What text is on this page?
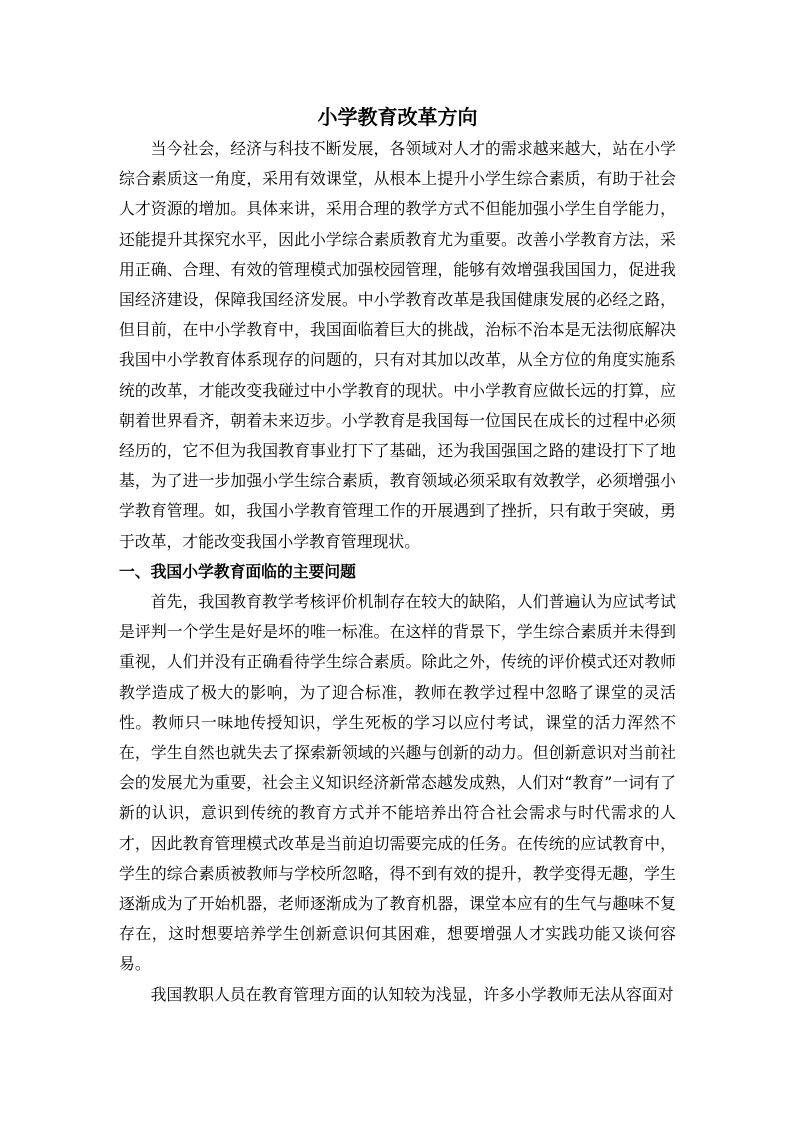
小学教育改革方向

当今社会，经济与科技不断发展，各领域对人才的需求越来越大，站在小学综合素质这一角度，采用有效课堂，从根本上提升小学生综合素质，有助于社会人才资源的增加。具体来讲，采用合理的教学方式不但能加强小学生自学能力，还能提升其探究水平，因此小学综合素质教育尤为重要。改善小学教育方法，采用正确、合理、有效的管理模式加强校园管理，能够有效增强我国国力，促进我国经济建设，保障我国经济发展。中小学教育改革是我国健康发展的必经之路，但目前，在中小学教育中，我国面临着巨大的挑战，治标不治本是无法彻底解决我国中小学教育体系现存的问题的，只有对其加以改革，从全方位的角度实施系统的改革，才能改变我碰过中小学教育的现状。中小学教育应做长远的打算，应朝着世界看齐，朝着未来迈步。小学教育是我国每一位国民在成长的过程中必须经历的，它不但为我国教育事业打下了基础，还为我国强国之路的建设打下了地基，为了进一步加强小学生综合素质，教育领域必须采取有效教学，必须增强小学教育管理。如，我国小学教育管理工作的开展遇到了挫折，只有敢于突破，勇于改革，才能改变我国小学教育管理现状。

一、我国小学教育面临的主要问题

首先，我国教育教学考核评价机制存在较大的缺陷，人们普遍认为应试考试是评判一个学生是好是坏的唯一标准。在这样的背景下，学生综合素质并未得到重视，人们并没有正确看待学生综合素质。除此之外，传统的评价模式还对教师教学造成了极大的影响，为了迎合标准，教师在教学过程中忽略了课堂的灵活性。教师只一味地传授知识，学生死板的学习以应付考试，课堂的活力浑然不在，学生自然也就失去了探索新领域的兴趣与创新的动力。但创新意识对当前社会的发展尤为重要，社会主义知识经济新常态越发成熟，人们对“教育”一词有了新的认识，意识到传统的教育方式并不能培养出符合社会需求与时代需求的人才，因此教育管理模式改革是当前迫切需要完成的任务。在传统的应试教育中，学生的综合素质被教师与学校所忽略，得不到有效的提升，教学变得无趣，学生逐渐成为了开始机器，老师逐渐成为了教育机器，课堂本应有的生气与趣味不复存在，这时想要培养学生创新意识何其困难，想要增强人才实践功能又谈何容易。

我国教职人员在教育管理方面的认知较为浅显，许多小学教师无法从容面对
